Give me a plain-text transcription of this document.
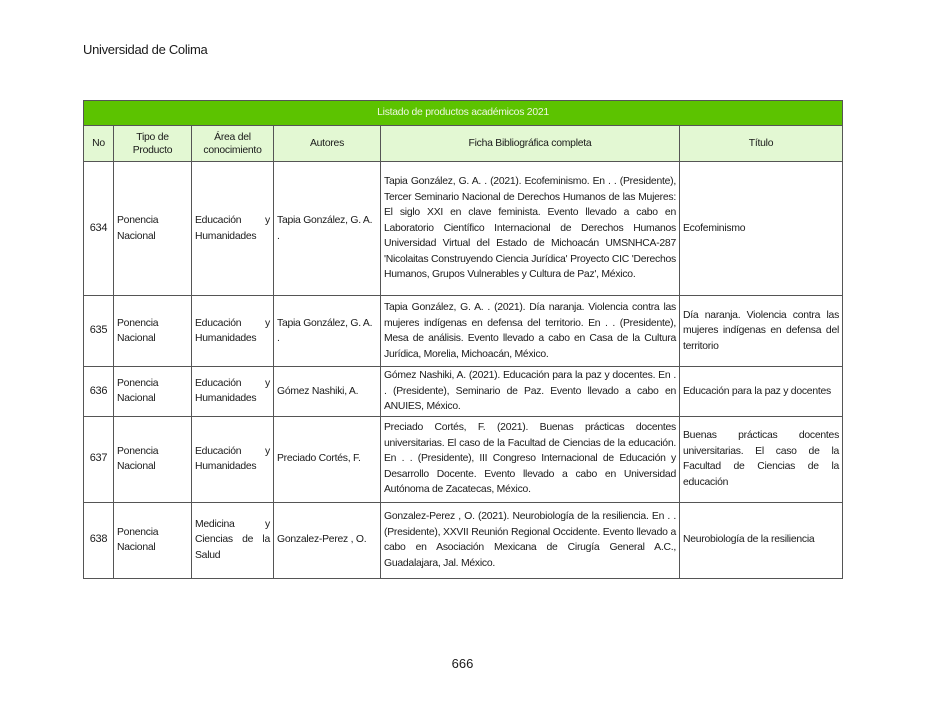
Universidad de Colima
Listado de productos académicos 2021					
No	Tipo de Producto	Área del conocimiento	Autores	Ficha Bibliográfica completa	Título
634	Ponencia Nacional	Educación y Humanidades	Tapia González, G. A. .	Tapia González, G. A. . (2021). Ecofeminismo. En . . (Presidente), Tercer Seminario Nacional de Derechos Humanos de las Mujeres: El siglo XXI en clave feminista. Evento llevado a cabo en Laboratorio Científico Internacional de Derechos Humanos Universidad Virtual del Estado de Michoacán UMSNHCA-287 'Nicolaitas Construyendo Ciencia Jurídica' Proyecto CIC 'Derechos Humanos, Grupos Vulnerables y Cultura de Paz', México.	Ecofeminismo
635	Ponencia Nacional	Educación y Humanidades	Tapia González, G. A. .	Tapia González, G. A. . (2021). Día naranja. Violencia contra las mujeres indígenas en defensa del territorio. En . . (Presidente), Mesa de análisis. Evento llevado a cabo en Casa de la Cultura Jurídica, Morelia, Michoacán, México.	Día naranja. Violencia contra las mujeres indígenas en defensa del territorio
636	Ponencia Nacional	Educación y Humanidades	Gómez Nashiki, A.	Gómez Nashiki, A. (2021). Educación para la paz y docentes. En . . (Presidente), Seminario de Paz. Evento llevado a cabo en ANUIES, México.	Educación para la paz y docentes
637	Ponencia Nacional	Educación y Humanidades	Preciado Cortés, F.	Preciado Cortés, F. (2021). Buenas prácticas docentes universitarias. El caso de la Facultad de Ciencias de la educación. En . . (Presidente), III Congreso Internacional de Educación y Desarrollo Docente. Evento llevado a cabo en Universidad Autónoma de Zacatecas, México.	Buenas prácticas docentes universitarias. El caso de la Facultad de Ciencias de la educación
638	Ponencia Nacional	Medicina y Ciencias de la Salud	Gonzalez-Perez , O.	Gonzalez-Perez , O. (2021). Neurobiología de la resiliencia. En . . (Presidente), XXVII Reunión Regional Occidente. Evento llevado a cabo en Asociación Mexicana de Cirugía General A.C., Guadalajara, Jal. México.	Neurobiología de la resiliencia
666
